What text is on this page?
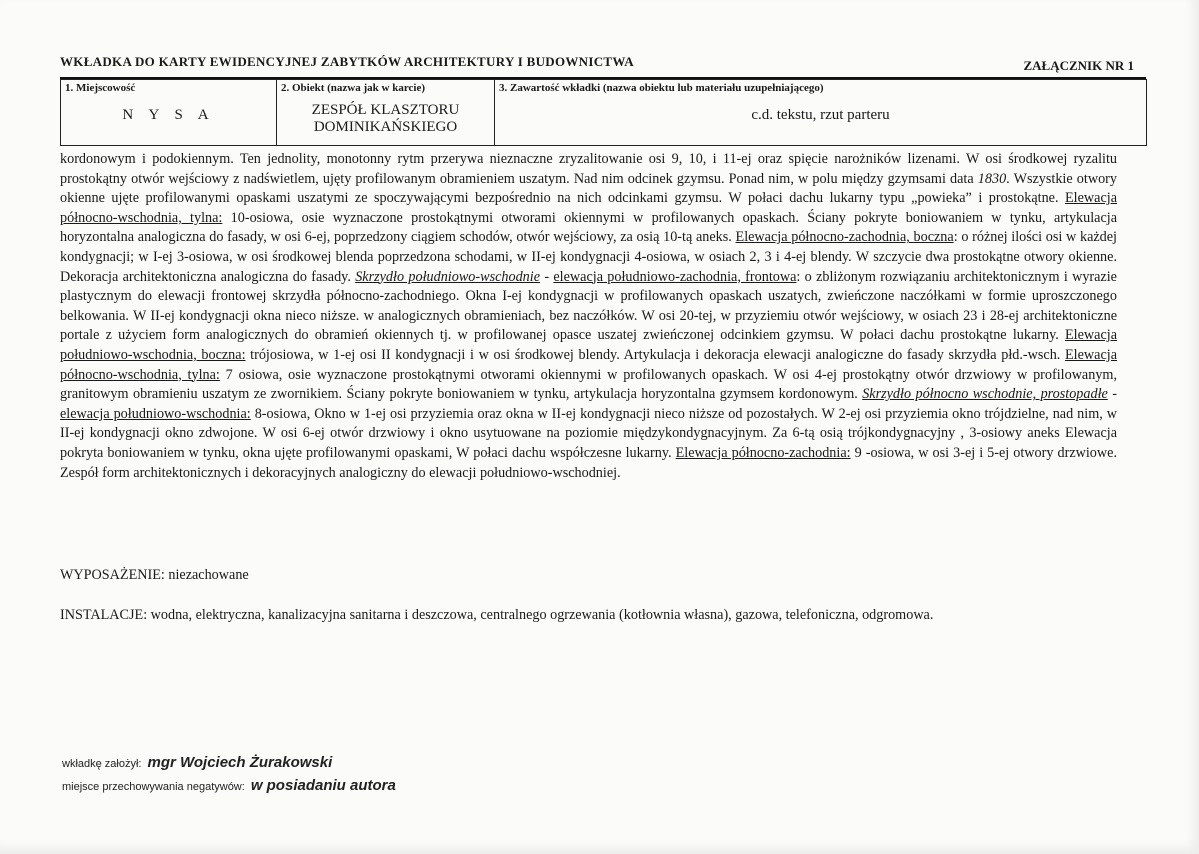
WKŁADKA DO KARTY EWIDENCYJNEJ ZABYTKÓW ARCHITEKTURY I BUDOWNICTWA	ZAŁĄCZNIK NR 1
1. Miejscowość
N Y S A

2. Obiekt (nazwa jak w karcie)
ZESPÓŁ KLASZTORU
DOMINIKAŃSKIEGO

3. Zawartość wkładki (nazwa obiektu lub materiału uzupełniającego)
c.d. tekstu, rzut parteru
kordonowym i podokiennym. Ten jednolity, monotonny rytm przerywa nieznaczne zryzalitowanie osi 9, 10, i 11-ej oraz spięcie narożników lizenami. W osi środkowej ryzalitu prostokątny otwór wejściowy z nadświetlem, ujęty profilowanym obramieniem uszatym. Nad nim odcinek gzymsu. Ponad nim, w polu między gzymsami data 1830. Wszystkie otwory okienne ujęte profilowanymi opaskami uszatymi ze spoczywającymi bezpośrednio na nich odcinkami gzymsu. W połaci dachu lukarny typu „powieka” i prostokątne. Elewacja północno-wschodnia, tylna: 10-osiowa, osie wyznaczone prostokątnymi otworami okiennymi w profilowanych opaskach. Ściany pokryte boniowaniem w tynku, artykulacja horyzontalna analogiczna do fasady, w osi 6-ej, poprzedzony ciągiem schodów, otwór wejściowy, za osią 10-tą aneks. Elewacja północno-zachodnia, boczna: o różnej ilości osi w każdej kondygnacji; w I-ej 3-osiowa, w osi środkowej blenda poprzedzona schodami, w II-ej kondygnacji 4-osiowa, w osiach 2, 3 i 4-ej blendy. W szczycie dwa prostokątne otwory okienne. Dekoracja architektoniczna analogiczna do fasady. Skrzydło południowo-wschodnie - elewacja południowo-zachodnia, frontowa: o zbliżonym rozwiązaniu architektonicznym i wyrazie plastycznym do elewacji frontowej skrzydła północno-zachodniego. Okna I-ej kondygnacji w profilowanych opaskach uszatych, zwieńczone naczółkami w formie uproszczonego belkowania. W II-ej kondygnacji okna nieco niższe. w analogicznych obramieniach, bez naczółków. W osi 20-tej, w przyziemiu otwór wejściowy, w osiach 23 i 28-ej architektoniczne portale z użyciem form analogicznych do obramień okiennych tj. w profilowanej opasce uszatej zwieńczonej odcinkiem gzymsu. W połaci dachu prostokątne lukarny. Elewacja południowo-wschodnia, boczna: trójosiowa, w 1-ej osi II kondygnacji i w osi środkowej blendy. Artykulacja i dekoracja elewacji analogiczne do fasady skrzydła płd.-wsch. Elewacja północno-wschodnia, tylna: 7 osiowa, osie wyznaczone prostokątnymi otworami okiennymi w profilowanych opaskach. W osi 4-ej prostokątny otwór drzwiowy w profilowanym, granitowym obramieniu uszatym ze zwornikiem. Ściany pokryte boniowaniem w tynku, artykulacja horyzontalna gzymsem kordonowym. Skrzydło północno wschodnie, prostopadłe - elewacja południowo-wschodnia: 8-osiowa, Okno w 1-ej osi przyziemia oraz okna w II-ej kondygnacji nieco niższe od pozostałych. W 2-ej osi przyziemia okno trójdzielne, nad nim, w II-ej kondygnacji okno zdwojone. W osi 6-ej otwór drzwiowy i okno usytuowane na poziomie międzykondygnacyjnym. Za 6-tą osią trójkondygnacyjny , 3-osiowy aneks Elewacja pokryta boniowaniem w tynku, okna ujęte profilowanymi opaskami, W połaci dachu współczesne lukarny. Elewacja północno-zachodnia: 9 -osiowa, w osi 3-ej i 5-ej otwory drzwiowe. Zespół form architektonicznych i dekoracyjnych analogiczny do elewacji południowo-wschodniej.
WYPOSAŻENIE: niezachowane
INSTALACJE: wodna, elektryczna, kanalizacyjna sanitarna i deszczowa, centralnego ogrzewania (kotłownia własna), gazowa, telefoniczna, odgromowa.
wkładkę założył: mgr Wojciech Żurakowski
miejsce przechowywania negatywów: w posiadaniu autora
